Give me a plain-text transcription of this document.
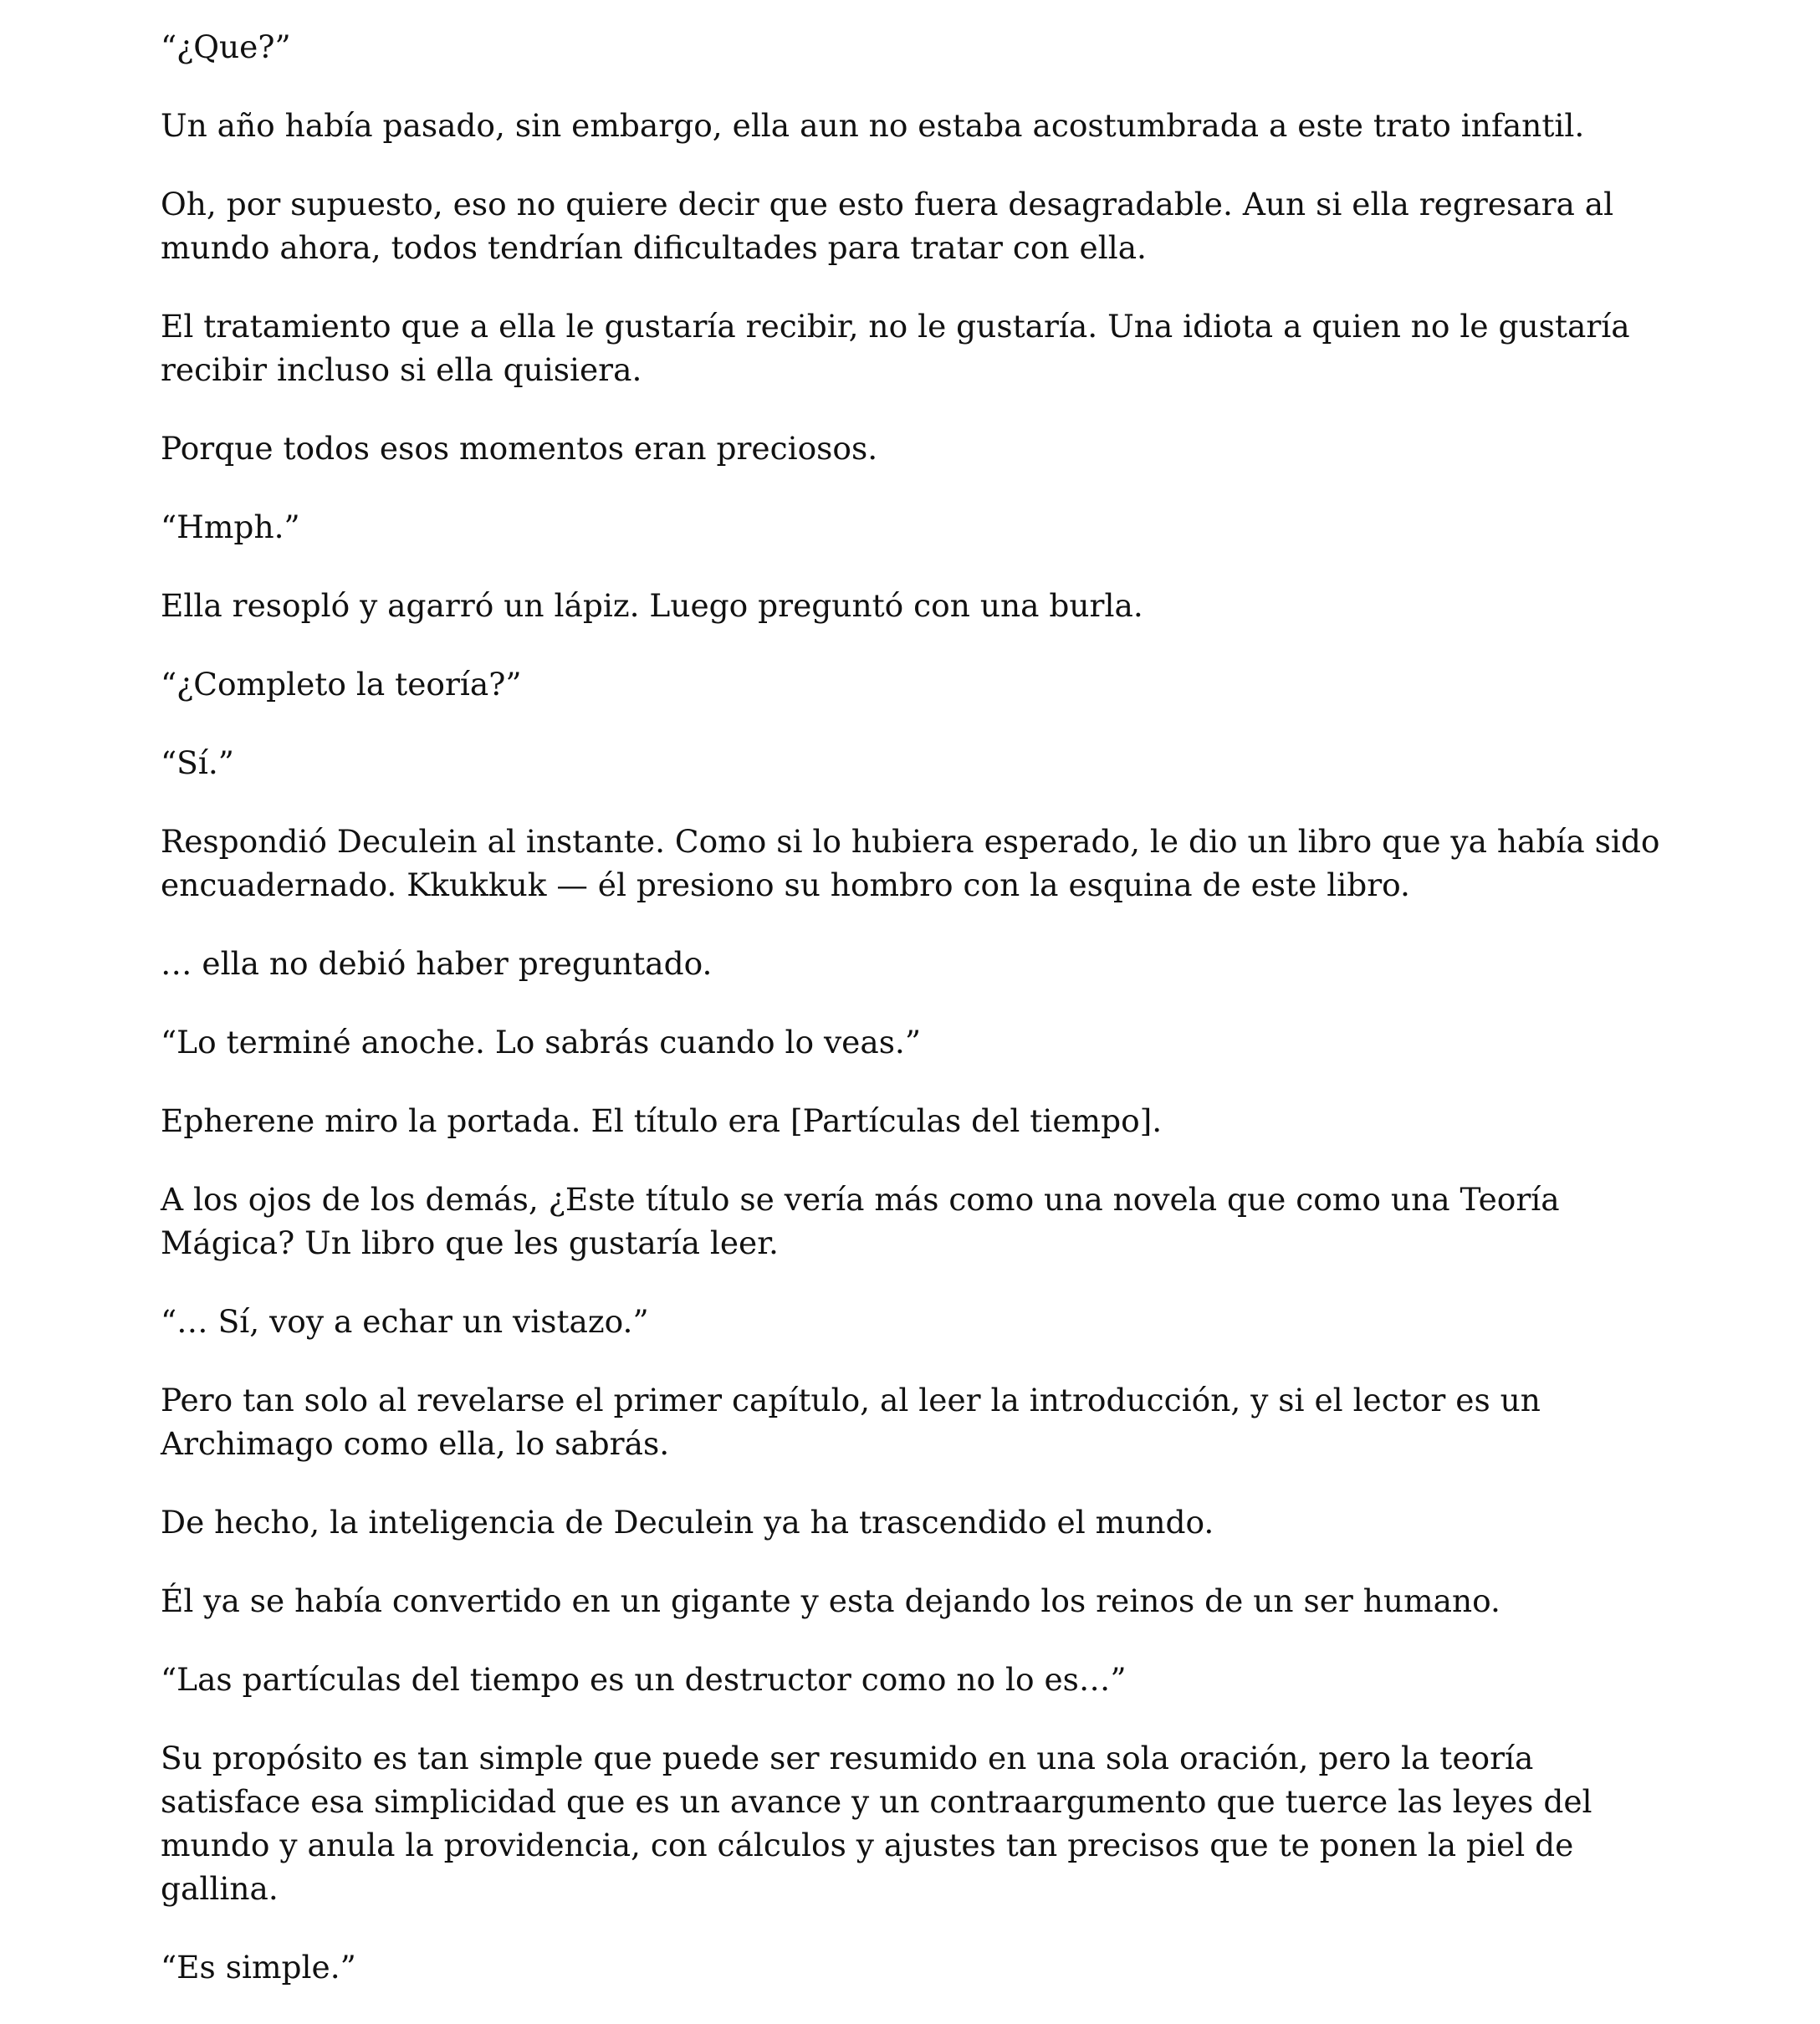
“¿Que?”

Un año había pasado, sin embargo, ella aun no estaba acostumbrada a este trato infantil.

Oh, por supuesto, eso no quiere decir que esto fuera desagradable. Aun si ella regresara al mundo ahora, todos tendrían dificultades para tratar con ella.

El tratamiento que a ella le gustaría recibir, no le gustaría. Una idiota a quien no le gustaría recibir incluso si ella quisiera.

Porque todos esos momentos eran preciosos.

“Hmph.”

Ella resopló y agarró un lápiz. Luego preguntó con una burla.

“¿Completo la teoría?”

“Sí.”

Respondió Deculein al instante. Como si lo hubiera esperado, le dio un libro que ya había sido encuadernado. Kkukkuk — él presiono su hombro con la esquina de este libro.

… ella no debió haber preguntado.

“Lo terminé anoche. Lo sabrás cuando lo veas.”

Epherene miro la portada. El título era [Partículas del tiempo].

A los ojos de los demás, ¿Este título se vería más como una novela que como una Teoría Mágica? Un libro que les gustaría leer.

“… Sí, voy a echar un vistazo.”

Pero tan solo al revelarse el primer capítulo, al leer la introducción, y si el lector es un Archimago como ella, lo sabrás.

De hecho, la inteligencia de Deculein ya ha trascendido el mundo.

Él ya se había convertido en un gigante y esta dejando los reinos de un ser humano.

“Las partículas del tiempo es un destructor como no lo es…”

Su propósito es tan simple que puede ser resumido en una sola oración, pero la teoría satisface esa simplicidad que es un avance y un contraargumento que tuerce las leyes del mundo y anula la providencia, con cálculos y ajustes tan precisos que te ponen la piel de gallina.

“Es simple.”
